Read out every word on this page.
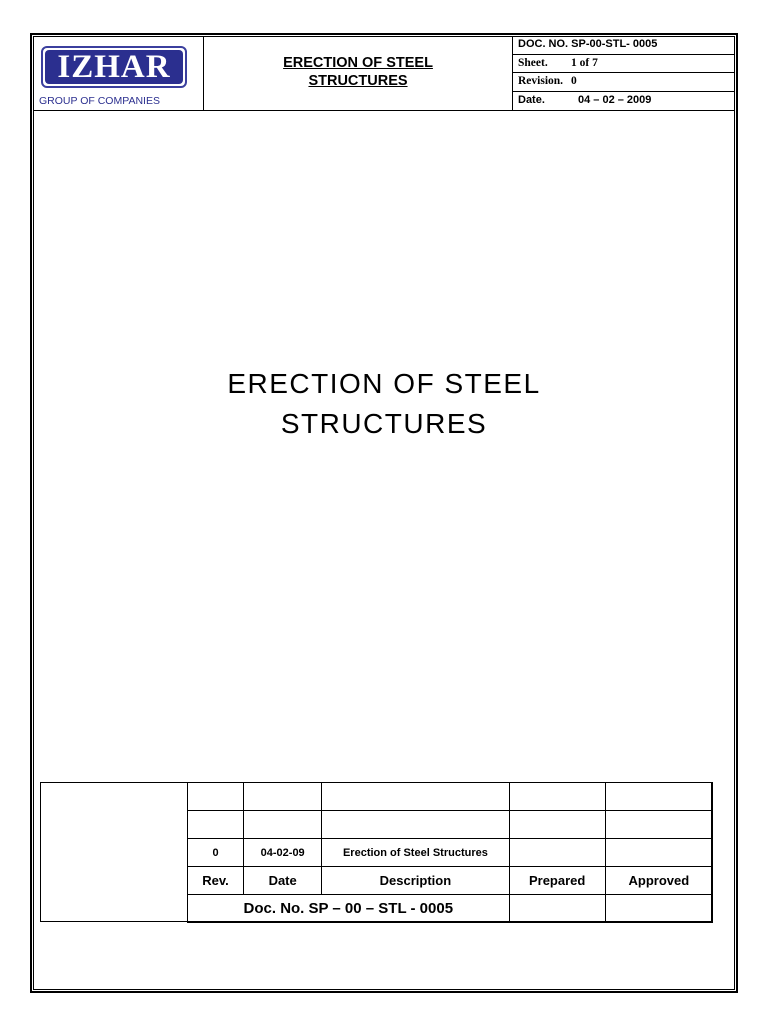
IZHAR
GROUP OF COMPANIES
ERECTION OF STEEL
STRUCTURES
DOC. NO. SP-00-STL- 0005
Sheet. 1 of 7
Revision. 0
Date.	04 – 02 – 2009
ERECTION OF STEEL
STRUCTURES

0	04-02-09	Erection of Steel Structures		
Rev.	Date	Description	Prepared	Approved
Doc. No. SP – 00 – STL - 0005				
